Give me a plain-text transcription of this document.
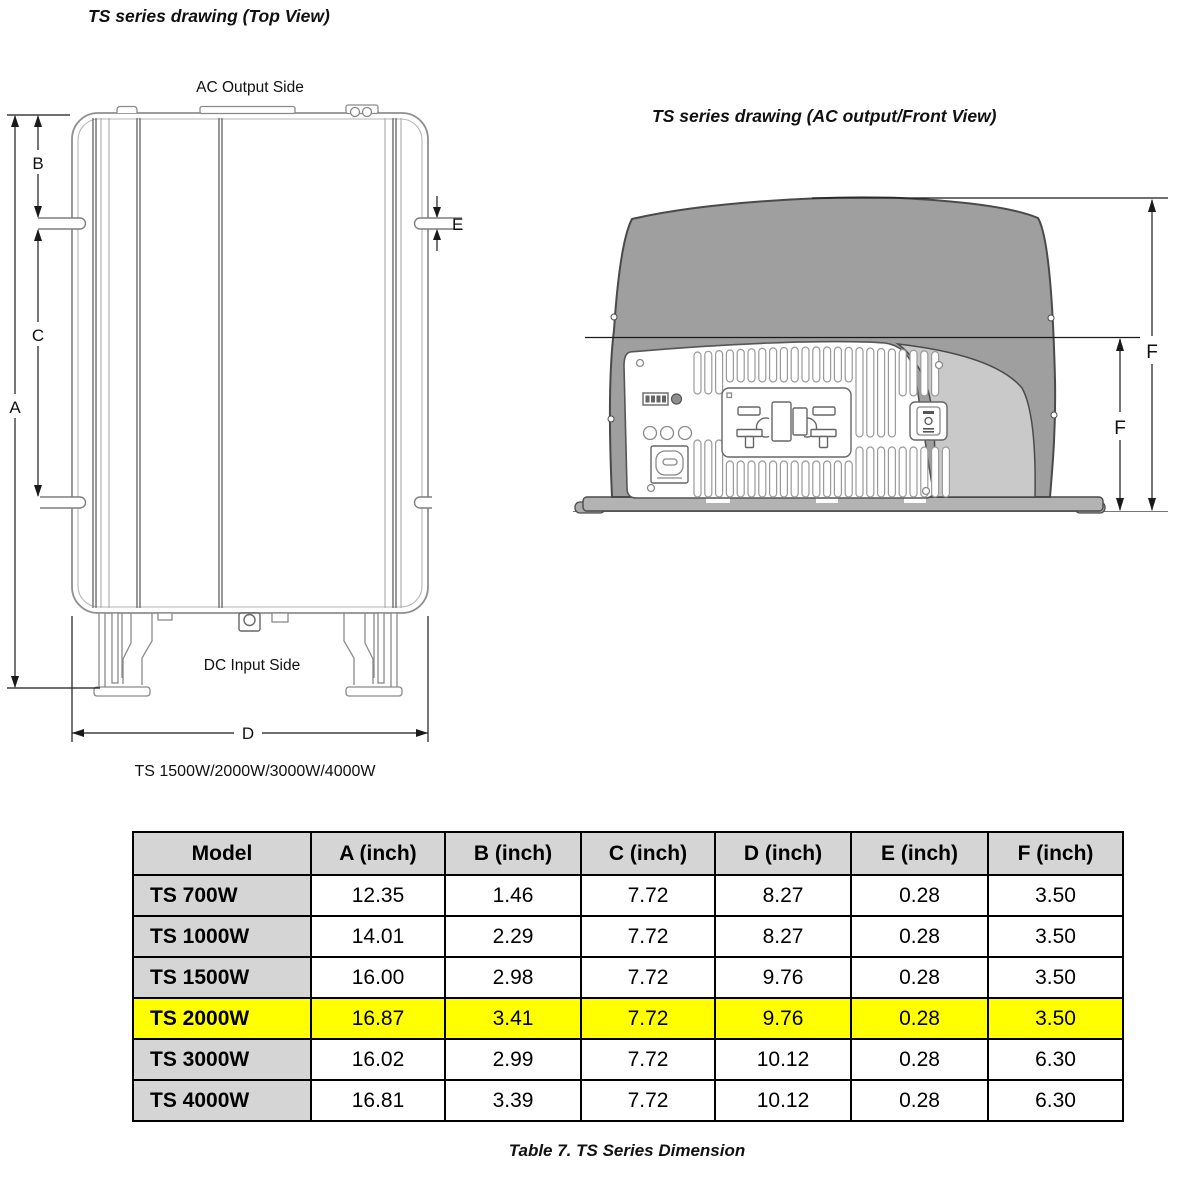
TS series drawing (Top View)
TS series drawing (AC output/Front View)
A
B
C
E
D
AC Output Side
DC Input Side
TS 1500W/2000W/3000W/4000W
F
F
Model	A (inch)	B (inch)	C (inch)	D (inch)	E (inch)	F (inch)
TS 700W	12.35	1.46	7.72	8.27	0.28	3.50
TS 1000W	14.01	2.29	7.72	8.27	0.28	3.50
TS 1500W	16.00	2.98	7.72	9.76	0.28	3.50
TS 2000W	16.87	3.41	7.72	9.76	0.28	3.50
TS 3000W	16.02	2.99	7.72	10.12	0.28	6.30
TS 4000W	16.81	3.39	7.72	10.12	0.28	6.30
Table 7. TS Series Dimension
